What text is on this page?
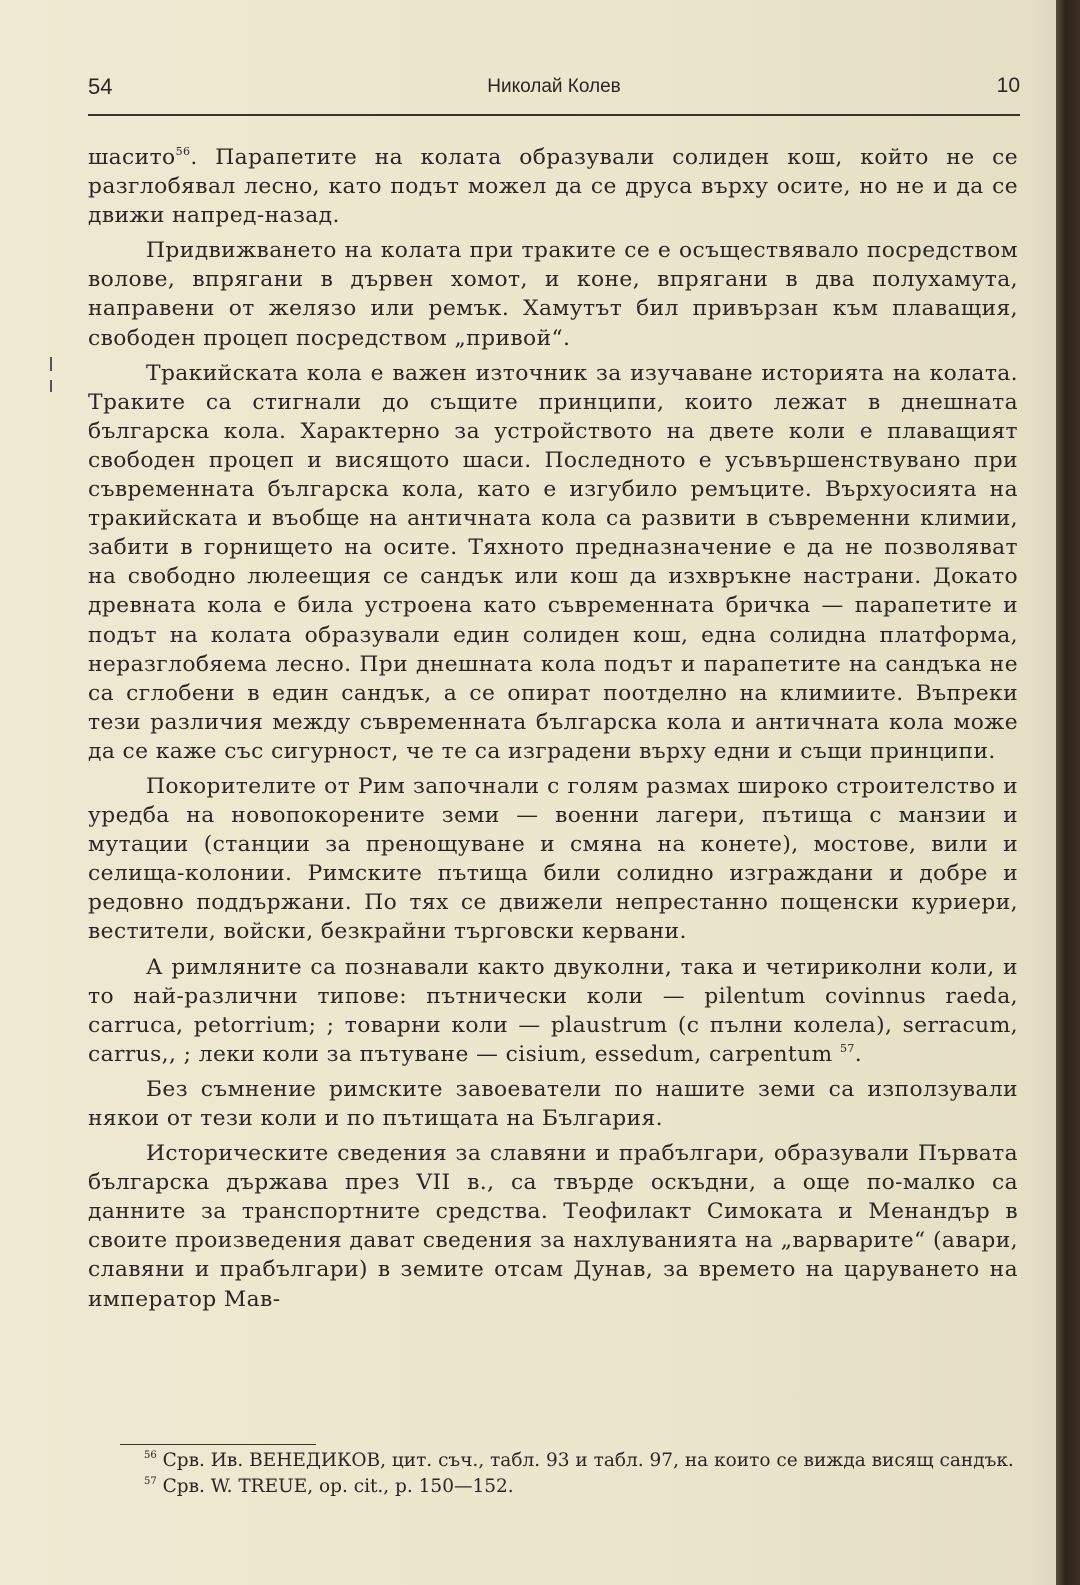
54	Николай Колев	10

шасито$^{56}$. Парапетите на колата образували солиден кош, който не се разглобявал лесно, като подът можел да се друса върху осите, но не и да се движи напред-назад.

Придвижването на колата при траките се е осъществявало посредством волове, впрягани в дървен хомот, и коне, впрягани в два полухамута, направени от желязо или ремък. Хамутът бил привързан към плаващия, свободен процеп посредством „привой“.

Тракийската кола е важен източник за изучаване историята на колата. Траките са стигнали до същите принципи, които лежат в днешната българска кола. Характерно за устройството на двете коли е плаващият свободен процеп и висящото шаси. Последното е усъвършенствувано при съвременната българска кола, като е изгубило ремъците. Върхуосията на тракийската и въобще на античната кола са развити в съвременни климии, забити в горнището на осите. Тяхното предназначение е да не позволяват на свободно люлеещия се сандък или кош да изхвръкне настрани. Докато древната кола е била устроена като съвременната бричка — парапетите и подът на колата образували един солиден кош, една солидна платформа, неразглобяема лесно. При днешната кола подът и парапетите на сандъка не са сглобени в един сандък, а се опират поотделно на климиите. Въпреки тези различия между съвременната българска кола и античната кола може да се каже със сигурност, че те са изградени върху едни и същи принципи.

Покорителите от Рим започнали с голям размах широко строителство и уредба на новопокорените земи — военни лагери, пътища с манзии и мутации (станции за пренощуване и смяна на конете), мостове, вили и селища-колонии. Римските пътища били солидно изграждани и добре и редовно поддържани. По тях се движели непрестанно пощенски куриери, вестители, войски, безкрайни търговски кервани.

А римляните са познавали както двуколни, така и четириколни коли, и то най-различни типове: пътнически коли — pilentum covinnus raeda, carruca, petorrium; ; товарни коли — plaustrum (с пълни колела), serracum, carrus,, ; леки коли за пътуване — cisium, essedum, carpentum $^{57}$.

Без съмнение римските завоеватели по нашите земи са използували някои от тези коли и по пътищата на България.

Историческите сведения за славяни и прабългари, образували Първата българска държава през VII в., са твърде оскъдни, а още по-малко са данните за транспортните средства. Теофилакт Симоката и Менандър в своите произведения дават сведения за нахлуванията на „варварите“ (авари, славяни и прабългари) в земите отсам Дунав, за времето на царуването на император Мав-

$^{56}$ Срв. Ив. ВЕНЕДИКОВ, цит. съч., табл. 93 и табл. 97, на които се вижда висящ сандък.

$^{57}$ Срв. W. TREUE, op. cit., p. 150—152.
